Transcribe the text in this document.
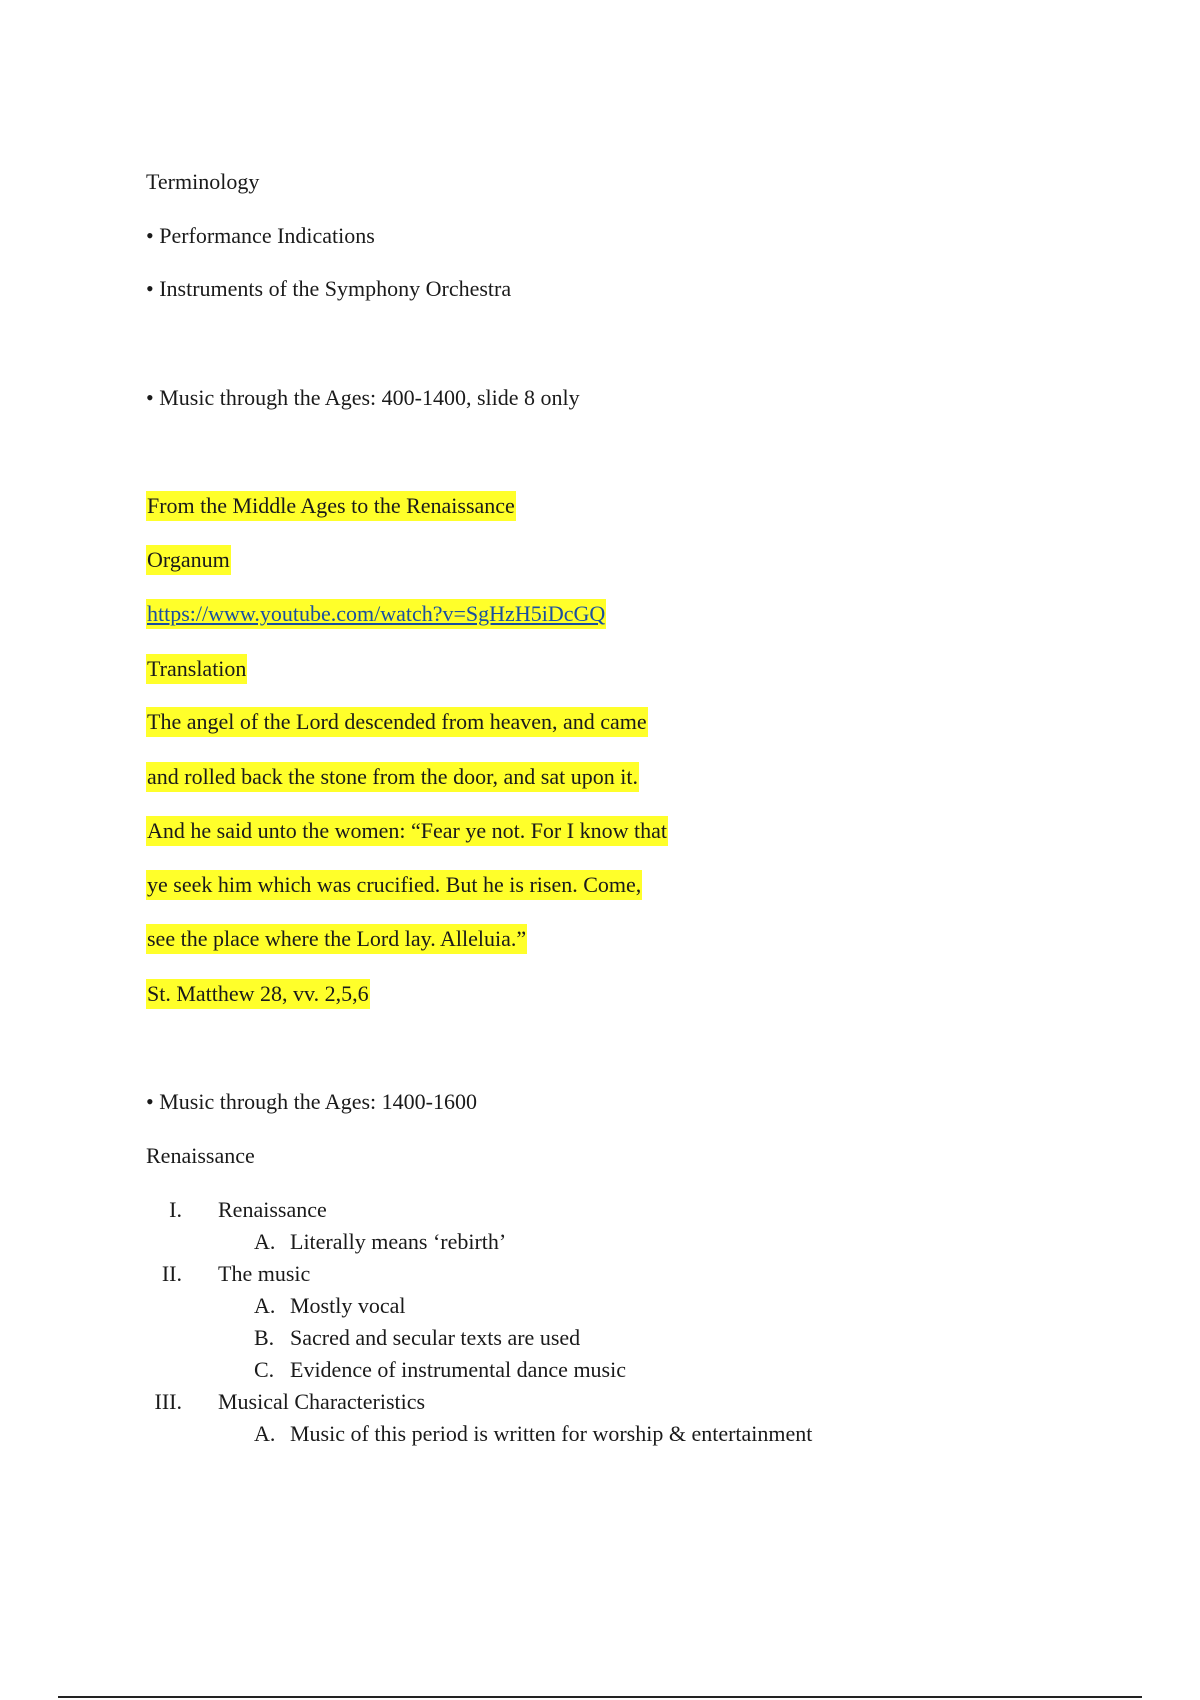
Terminology
• Performance Indications
• Instruments of the Symphony Orchestra
• Music through the Ages: 400-1400, slide 8 only
From the Middle Ages to the Renaissance
Organum
https://www.youtube.com/watch?v=SgHzH5iDcGQ
Translation
The angel of the Lord descended from heaven, and came
and rolled back the stone from the door, and sat upon it.
And he said unto the women: “Fear ye not. For I know that
ye seek him which was crucified. But he is risen. Come,
see the place where the Lord lay. Alleluia.”
St. Matthew 28, vv. 2,5,6
• Music through the Ages: 1400-1600
Renaissance
I. Renaissance
A. Literally means ‘rebirth’
II. The music
A. Mostly vocal
B. Sacred and secular texts are used
C. Evidence of instrumental dance music
III. Musical Characteristics
A. Music of this period is written for worship & entertainment
